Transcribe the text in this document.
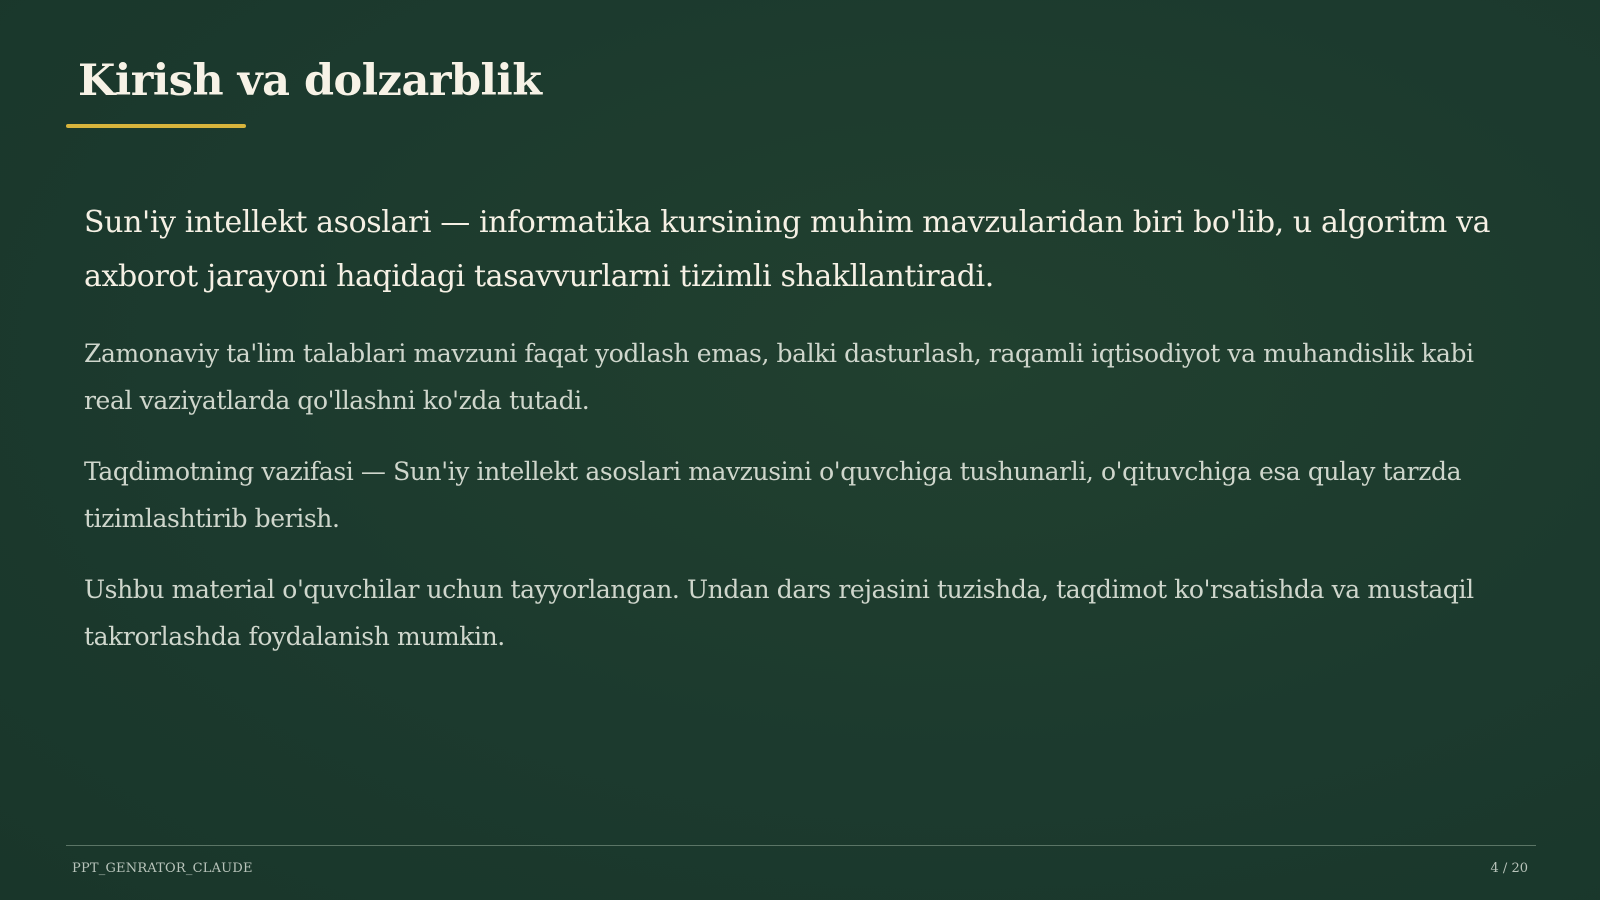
Kirish va dolzarblik

Sun'iy intellekt asoslari — informatika kursining muhim mavzularidan biri bo'lib, u algoritm va axborot jarayoni haqidagi tasavvurlarni tizimli shakllantiradi.

Zamonaviy ta'lim talablari mavzuni faqat yodlash emas, balki dasturlash, raqamli iqtisodiyot va muhandislik kabi real vaziyatlarda qo'llashni ko'zda tutadi.

Taqdimotning vazifasi — Sun'iy intellekt asoslari mavzusini o'quvchiga tushunarli, o'qituvchiga esa qulay tarzda tizimlashtirib berish.

Ushbu material o'quvchilar uchun tayyorlangan. Undan dars rejasini tuzishda, taqdimot ko'rsatishda va mustaqil takrorlashda foydalanish mumkin.

PPT_GENRATOR_CLAUDE	4 / 20
